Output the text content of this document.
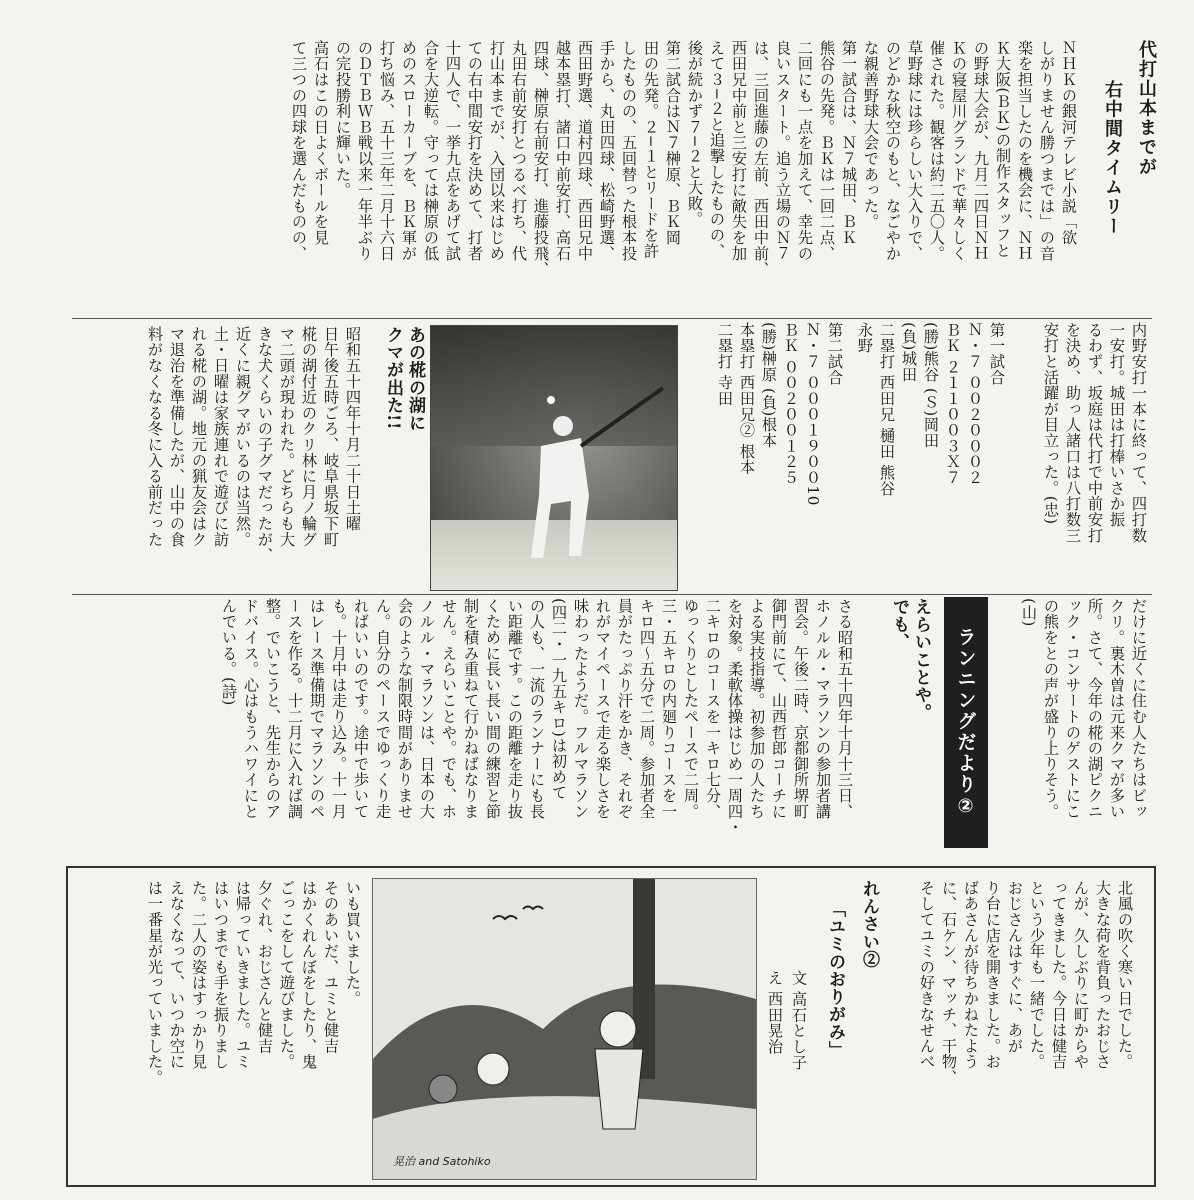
代打山本までが
右中間タイムリー
ＮＨＫの銀河テレビ小説「欲
しがりません勝つまでは」の音
楽を担当したのを機会に、ＮＨ
Ｋ大阪(ＢＫ)の制作スタッフと
の野球大会が、九月二四日ＮＨ
Ｋの寝屋川グランドで華々しく
催された。観客は約二五〇人。
草野球には珍らしい大入りで、
のどかな秋空のもと、なごやか
な親善野球大会であった。
第一試合は、Ｎ７城田、ＢＫ
熊谷の先発。ＢＫは一回二点、
二回にも一点を加えて、幸先の
良いスタート。追う立場のＮ７
は、三回進藤の左前、西田中前、
西田兄中前と三安打に敵失を加
えて３−２と追撃したものの、
後が続かず７−２と大敗。
第二試合はＮ７榊原、ＢＫ岡
田の先発。２−１とリードを許
したものの、五回替った根本投
手から、丸田四球、松崎野選、
西田野選、道村四球、西田兄中
越本塁打、諸口中前安打、高石
四球、榊原右前安打、進藤投飛、
丸田右前安打とつるべ打ち、代
打山本までが、入団以来はじめ
ての右中間安打を決めて、打者
十四人で、一挙九点をあげて試
合を大逆転。守っては榊原の低
めのスローカーブを、ＢＫ軍が
打ち悩み、五十三年二月十六日
のＤＴＢＷＢ戦以来一年半ぶり
の完投勝利に輝いた。
高石はこの日よくボールを見
て三つの四球を選んだものの、
内野安打一本に終って、四打数
一安打。城田は打棒いさか振
るわず、坂庭は代打で中前安打
を決め、助っ人諸口は八打数三
安打と活躍が目立った。(忠)
第一試合
Ｎ・７ ００２０００２
ＢＫ ２１１００３Ｘ７
(勝)熊谷 (Ｓ)岡田
(負)城田
二塁打 西田兄 樋田 熊谷
永野
第二試合
Ｎ・７ ０００１９００10
ＢＫ ００２００１２５
(勝)榊原 (負)根本
本塁打 西田兄② 根本
二塁打 寺田
あの椛の湖に
クマが出た!!
昭和五十四年十月二十日土曜
日午後五時ごろ、岐阜県坂下町
椛の湖付近のクリ林に月ノ輪グ
マ二頭が現われた。どちらも大
きな犬くらいの子グマだったが、
近くに親グマがいるのは当然。
土・日曜は家族連れで遊びに訪
れる椛の湖。地元の猟友会はク
マ退治を準備したが、山中の食
料がなくなる冬に入る前だった
だけに近くに住む人たちはビッ
クリ。裏木曽は元来クマが多い
所。さて、今年の椛の湖ピクニ
ック・コンサートのゲストにこ
の熊をとの声が盛り上りそう。
(山)
ランニングだより②
えらいことや。
でも、
さる昭和五十四年十月十三日、
ホノルル・マラソンの参加者講
習会。午後二時、京都御所堺町
御門前にて、山西哲郎コーチに
よる実技指導。初参加の人たち
を対象。柔軟体操はじめ一周四・
二キロのコースを一キロ七分、
ゆっくりとしたペースで二周。
三・五キロの内廻りコースを一
キロ四〜五分で二周。参加者全
員がたっぷり汗をかき、それぞ
れがマイペースで走る楽しさを
味わったようだ。フルマラソン
(四二・一九五キロ)は初めて
の人も、一流のランナーにも長
い距離です。この距離を走り抜
くために長い長い間の練習と節
制を積み重ねて行かねばなりま
せん。えらいことや。でも、ホ
ノルル・マラソンは、日本の大
会のような制限時間がありませ
ん。自分のペースでゆっくり走
ればいいのです。途中で歩いて
も。十月中は走り込み。十一月
はレース準備期でマラソンのペ
ースを作る。十二月に入れば調
整。でいこうと、先生からのア
ドバイス。心はもうハワイにと
んでいる。(詩)
北風の吹く寒い日でした。
大きな荷を背負ったおじさ
んが、久しぶりに町からや
ってきました。今日は健吉
という少年も一緒でした。
おじさんはすぐに、あが
り台に店を開きました。お
ばあさんが待ちかねたよう
に、石ケン、マッチ、干物、
そしてユミの好きなせんべ
れんさい②
「ユミのおりがみ」
文 高石とし子
え 西田晃治
晃治 and Satohiko
いも買いました。
そのあいだ、ユミと健吉
はかくれんぼをしたり、鬼
ごっこをして遊びました。
夕ぐれ、おじさんと健吉
は帰っていきました。ユミ
はいつまでも手を振りまし
た。二人の姿はすっかり見
えなくなって、いつか空に
は一番星が光っていました。
